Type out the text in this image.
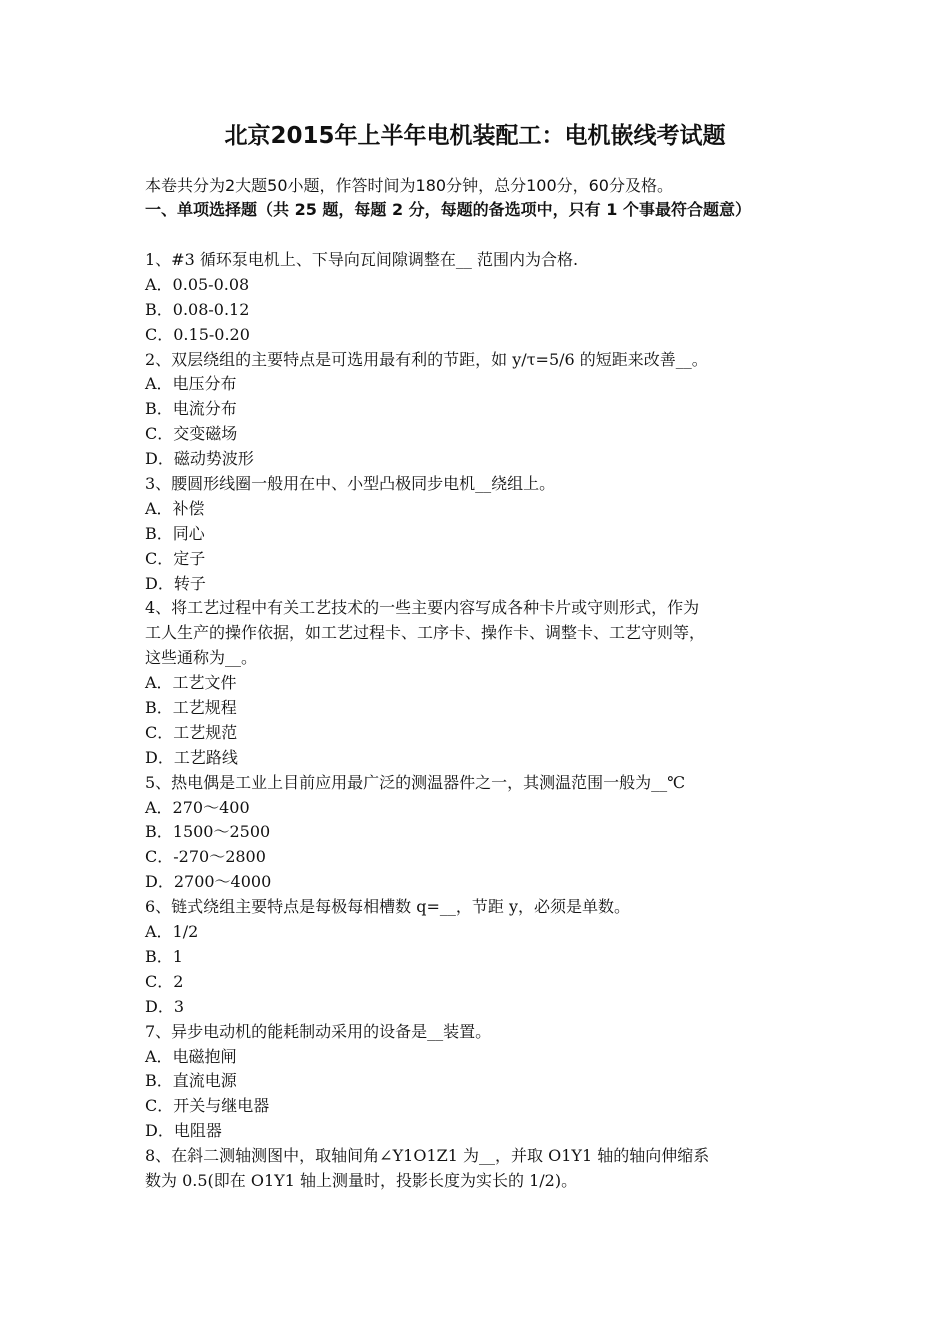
北京2015年上半年电机装配工：电机嵌线考试题
本卷共分为2大题50小题，作答时间为180分钟，总分100分，60分及格。
一、单项选择题（共 25 题，每题 2 分，每题的备选项中，只有 1 个事最符合题意）
1、#3 循环泵电机上、下导向瓦间隙调整在__ 范围内为合格.
A．0.05-0.08
B．0.08-0.12
C．0.15-0.20
2、双层绕组的主要特点是可选用最有利的节距，如 y/τ=5/6 的短距来改善__。
A．电压分布
B．电流分布
C．交变磁场
D．磁动势波形
3、腰圆形线圈一般用在中、小型凸极同步电机__绕组上。
A．补偿
B．同心
C．定子
D．转子
4、将工艺过程中有关工艺技术的一些主要内容写成各种卡片或守则形式，作为
工人生产的操作依据，如工艺过程卡、工序卡、操作卡、调整卡、工艺守则等，
这些通称为__。
A．工艺文件
B．工艺规程
C．工艺规范
D．工艺路线
5、热电偶是工业上目前应用最广泛的测温器件之一，其测温范围一般为__℃
A．270～400
B．1500～2500
C．-270～2800
D．2700～4000
6、链式绕组主要特点是每极每相槽数 q=__，节距 y，必须是单数。
A．1/2
B．1
C．2
D．3
7、异步电动机的能耗制动采用的设备是__装置。
A．电磁抱闸
B．直流电源
C．开关与继电器
D．电阻器
8、在斜二测轴测图中，取轴间角∠Y1O1Z1 为__，并取 O1Y1 轴的轴向伸缩系
数为 0.5(即在 O1Y1 轴上测量时，投影长度为实长的 1/2)。
